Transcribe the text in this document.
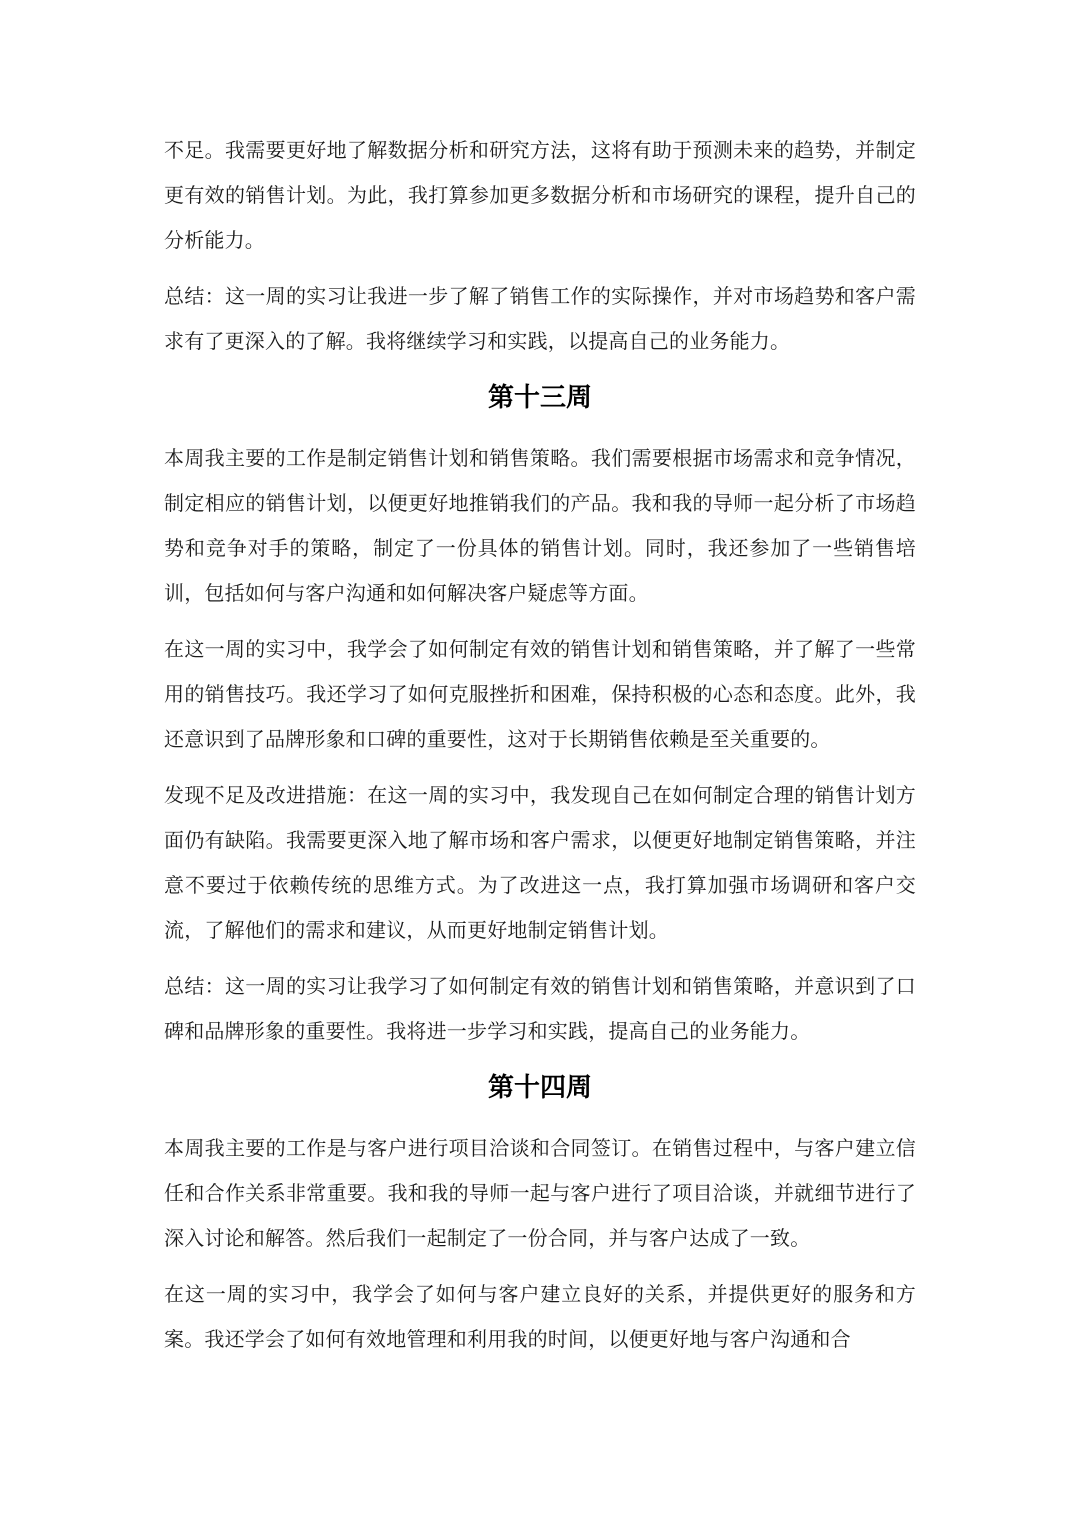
不足。我需要更好地了解数据分析和研究方法，这将有助于预测未来的趋势，并制定更有效的销售计划。为此，我打算参加更多数据分析和市场研究的课程，提升自己的分析能力。

总结：这一周的实习让我进一步了解了销售工作的实际操作，并对市场趋势和客户需求有了更深入的了解。我将继续学习和实践，以提高自己的业务能力。

第十三周

本周我主要的工作是制定销售计划和销售策略。我们需要根据市场需求和竞争情况，制定相应的销售计划，以便更好地推销我们的产品。我和我的导师一起分析了市场趋势和竞争对手的策略，制定了一份具体的销售计划。同时，我还参加了一些销售培训，包括如何与客户沟通和如何解决客户疑虑等方面。

在这一周的实习中，我学会了如何制定有效的销售计划和销售策略，并了解了一些常用的销售技巧。我还学习了如何克服挫折和困难，保持积极的心态和态度。此外，我还意识到了品牌形象和口碑的重要性，这对于长期销售依赖是至关重要的。

发现不足及改进措施：在这一周的实习中，我发现自己在如何制定合理的销售计划方面仍有缺陷。我需要更深入地了解市场和客户需求，以便更好地制定销售策略，并注意不要过于依赖传统的思维方式。为了改进这一点，我打算加强市场调研和客户交流，了解他们的需求和建议，从而更好地制定销售计划。

总结：这一周的实习让我学习了如何制定有效的销售计划和销售策略，并意识到了口碑和品牌形象的重要性。我将进一步学习和实践，提高自己的业务能力。

第十四周

本周我主要的工作是与客户进行项目洽谈和合同签订。在销售过程中，与客户建立信任和合作关系非常重要。我和我的导师一起与客户进行了项目洽谈，并就细节进行了深入讨论和解答。然后我们一起制定了一份合同，并与客户达成了一致。

在这一周的实习中，我学会了如何与客户建立良好的关系，并提供更好的服务和方案。我还学会了如何有效地管理和利用我的时间，以便更好地与客户沟通和合
